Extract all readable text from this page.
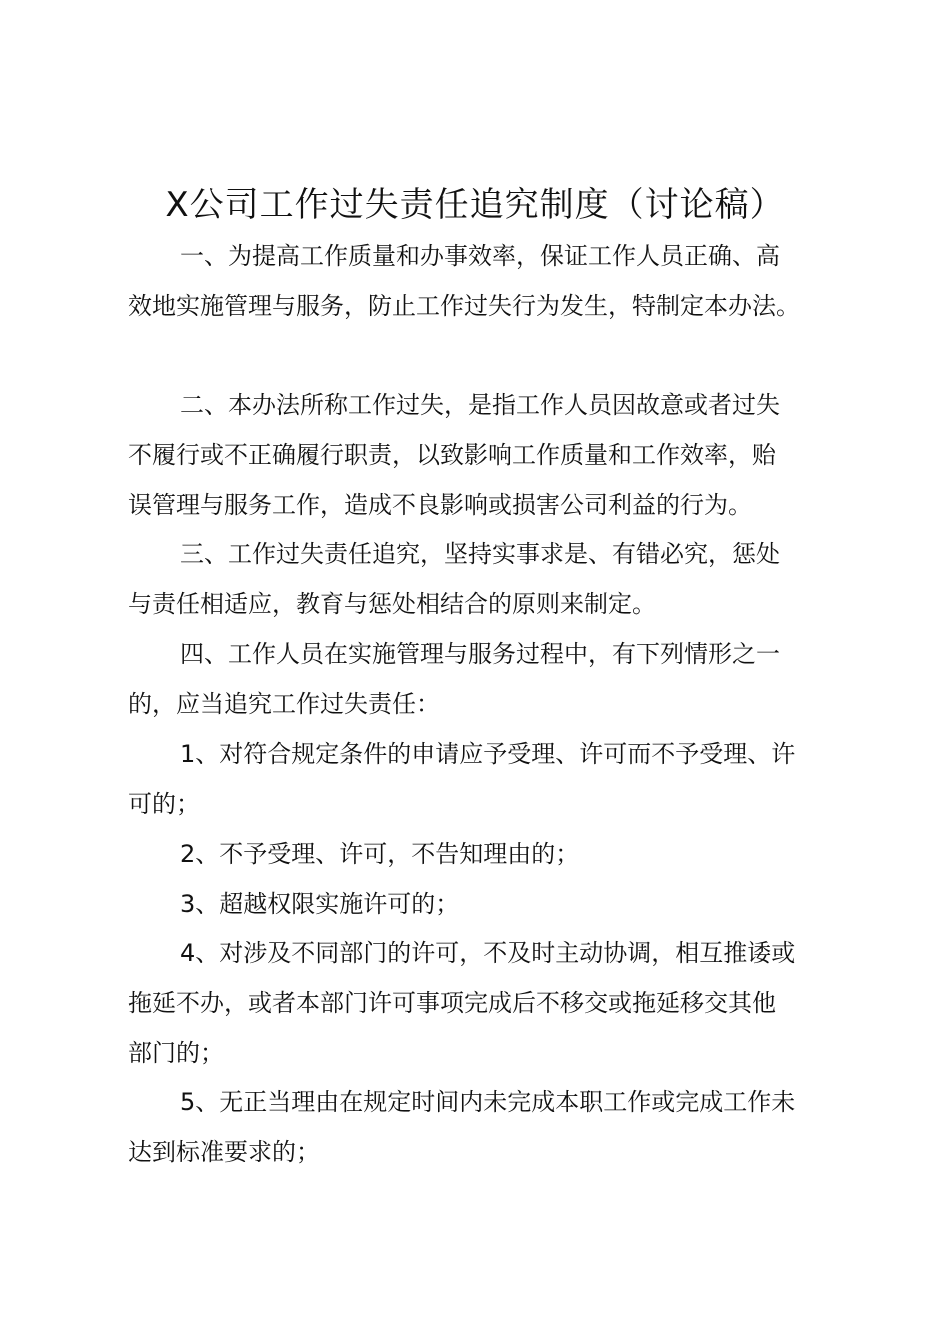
X公司工作过失责任追究制度（讨论稿）
一、为提高工作质量和办事效率，保证工作人员正确、高
效地实施管理与服务，防止工作过失行为发生，特制定本办法。
二、本办法所称工作过失，是指工作人员因故意或者过失
不履行或不正确履行职责，以致影响工作质量和工作效率，贻
误管理与服务工作，造成不良影响或损害公司利益的行为。
三、工作过失责任追究，坚持实事求是、有错必究，惩处
与责任相适应，教育与惩处相结合的原则来制定。
四、工作人员在实施管理与服务过程中，有下列情形之一
的，应当追究工作过失责任：
1、对符合规定条件的申请应予受理、许可而不予受理、许
可的；
2、不予受理、许可，不告知理由的；
3、超越权限实施许可的；
4、对涉及不同部门的许可，不及时主动协调，相互推诿或
拖延不办，或者本部门许可事项完成后不移交或拖延移交其他
部门的；
5、无正当理由在规定时间内未完成本职工作或完成工作未
达到标准要求的；
